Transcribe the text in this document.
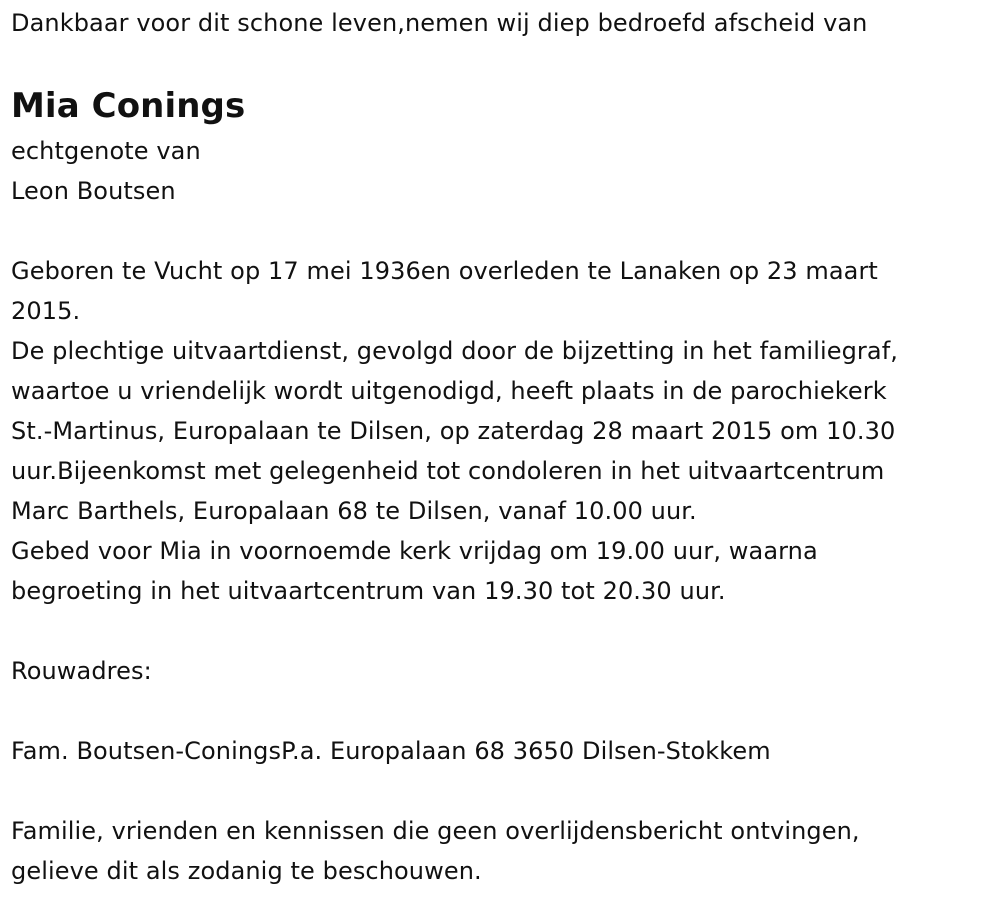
Dankbaar voor dit schone leven,nemen wij diep bedroefd afscheid van

Mia Conings

echtgenote van

Leon Boutsen

Geboren te Vucht op 17 mei 1936en overleden te Lanaken op 23 maart

2015.

De plechtige uitvaartdienst, gevolgd door de bijzetting in het familiegraf,

waartoe u vriendelijk wordt uitgenodigd, heeft plaats in de parochiekerk

St.-Martinus, Europalaan te Dilsen, op zaterdag 28 maart 2015 om 10.30

uur.Bijeenkomst met gelegenheid tot condoleren in het uitvaartcentrum

Marc Barthels, Europalaan 68 te Dilsen, vanaf 10.00 uur.

Gebed voor Mia in voornoemde kerk vrijdag om 19.00 uur, waarna

begroeting in het uitvaartcentrum van 19.30 tot 20.30 uur.

Rouwadres:

Fam. Boutsen-ConingsP.a. Europalaan 68 3650 Dilsen-Stokkem

Familie, vrienden en kennissen die geen overlijdensbericht ontvingen,

gelieve dit als zodanig te beschouwen.
